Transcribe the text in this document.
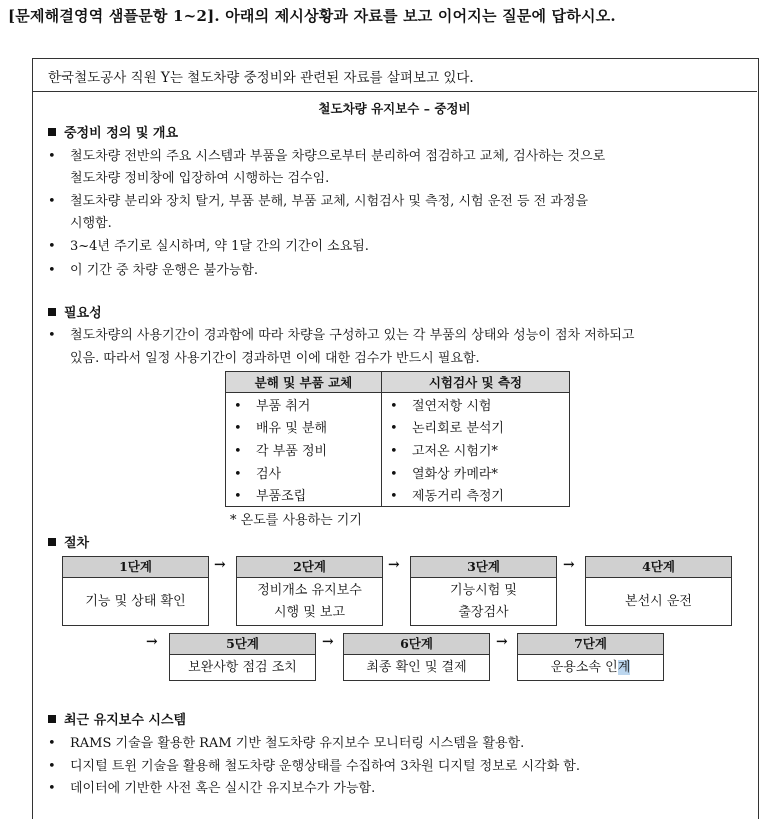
[문제해결영역 샘플문항 1~2]. 아래의 제시상황과 자료를 보고 이어지는 질문에 답하시오.
한국철도공사 직원 Y는 철도차량 중정비와 관련된 자료를 살펴보고 있다.
철도차량 유지보수 – 중정비
중정비 정의 및 개요
• 철도차량 전반의 주요 시스템과 부품을 차량으로부터 분리하여 점검하고 교체, 검사하는 것으로
철도차량 정비창에 입장하여 시행하는 검수임.
• 철도차량 분리와 장치 탈거, 부품 분해, 부품 교체, 시험검사 및 측정, 시험 운전 등 전 과정을
시행함.
• 3~4년 주기로 실시하며, 약 1달 간의 기간이 소요됨.
• 이 기간 중 차량 운행은 불가능함.
필요성
• 철도차량의 사용기간이 경과함에 따라 차량을 구성하고 있는 각 부품의 상태와 성능이 점차 저하되고
있음. 따라서 일정 사용기간이 경과하면 이에 대한 검수가 반드시 필요함.
분해 및 부품 교체	시험검사 및 측정
• 부품 취거	• 절연저항 시험
• 배유 및 분해	• 논리회로 분석기
• 각 부품 정비	• 고저온 시험기*
• 검사	• 열화상 카메라*
• 부품조립	• 제동거리 측정기
* 온도를 사용하는 기기
절차
1단계
기능 및 상태 확인
→	2단계
정비개소 유지보수
시행 및 보고
→	3단계
기능시험 및
출장검사
→	4단계
본선시 운전
→	5단계
보완사항 점검 조치
→	6단계
최종 확인 및 결제
→	7단계
운용소속 인계
최근 유지보수 시스템
• RAMS 기술을 활용한 RAM 기반 철도차량 유지보수 모니터링 시스템을 활용함.
• 디지털 트윈 기술을 활용해 철도차량 운행상태를 수집하여 3차원 디지털 정보로 시각화 함.
• 데이터에 기반한 사전 혹은 실시간 유지보수가 가능함.
